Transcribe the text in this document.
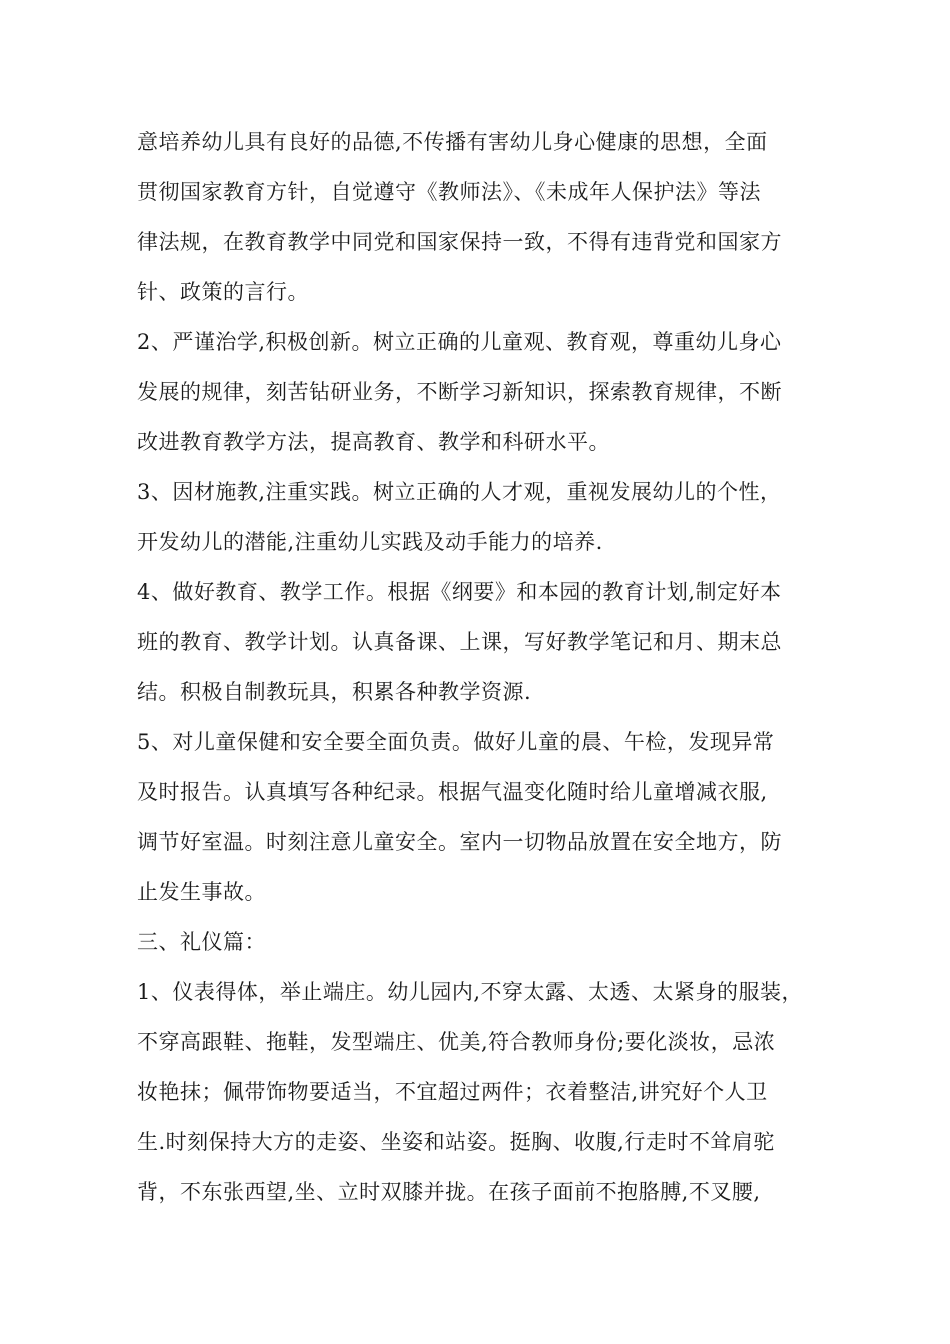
意培养幼儿具有良好的品德,不传播有害幼儿身心健康的思想，全面
贯彻国家教育方针，自觉遵守《教师法》、《未成年人保护法》等法
律法规，在教育教学中同党和国家保持一致，不得有违背党和国家方
针、政策的言行。
2、严谨治学,积极创新。树立正确的儿童观、教育观，尊重幼儿身心
发展的规律，刻苦钻研业务，不断学习新知识，探索教育规律，不断
改进教育教学方法，提高教育、教学和科研水平。
3、因材施教,注重实践。树立正确的人才观，重视发展幼儿的个性，
开发幼儿的潜能,注重幼儿实践及动手能力的培养.
4、做好教育、教学工作。根据《纲要》和本园的教育计划,制定好本
班的教育、教学计划。认真备课、上课，写好教学笔记和月、期末总
结。积极自制教玩具，积累各种教学资源.
5、对儿童保健和安全要全面负责。做好儿童的晨、午检，发现异常
及时报告。认真填写各种纪录。根据气温变化随时给儿童增减衣服,
调节好室温。时刻注意儿童安全。室内一切物品放置在安全地方，防
止发生事故。
三、礼仪篇：
1、仪表得体，举止端庄。幼儿园内,不穿太露、太透、太紧身的服装，
不穿高跟鞋、拖鞋，发型端庄、优美,符合教师身份;要化淡妆，忌浓
妆艳抹；佩带饰物要适当，不宜超过两件；衣着整洁,讲究好个人卫
生.时刻保持大方的走姿、坐姿和站姿。挺胸、收腹,行走时不耸肩驼
背，不东张西望,坐、立时双膝并拢。在孩子面前不抱胳膊,不叉腰,
